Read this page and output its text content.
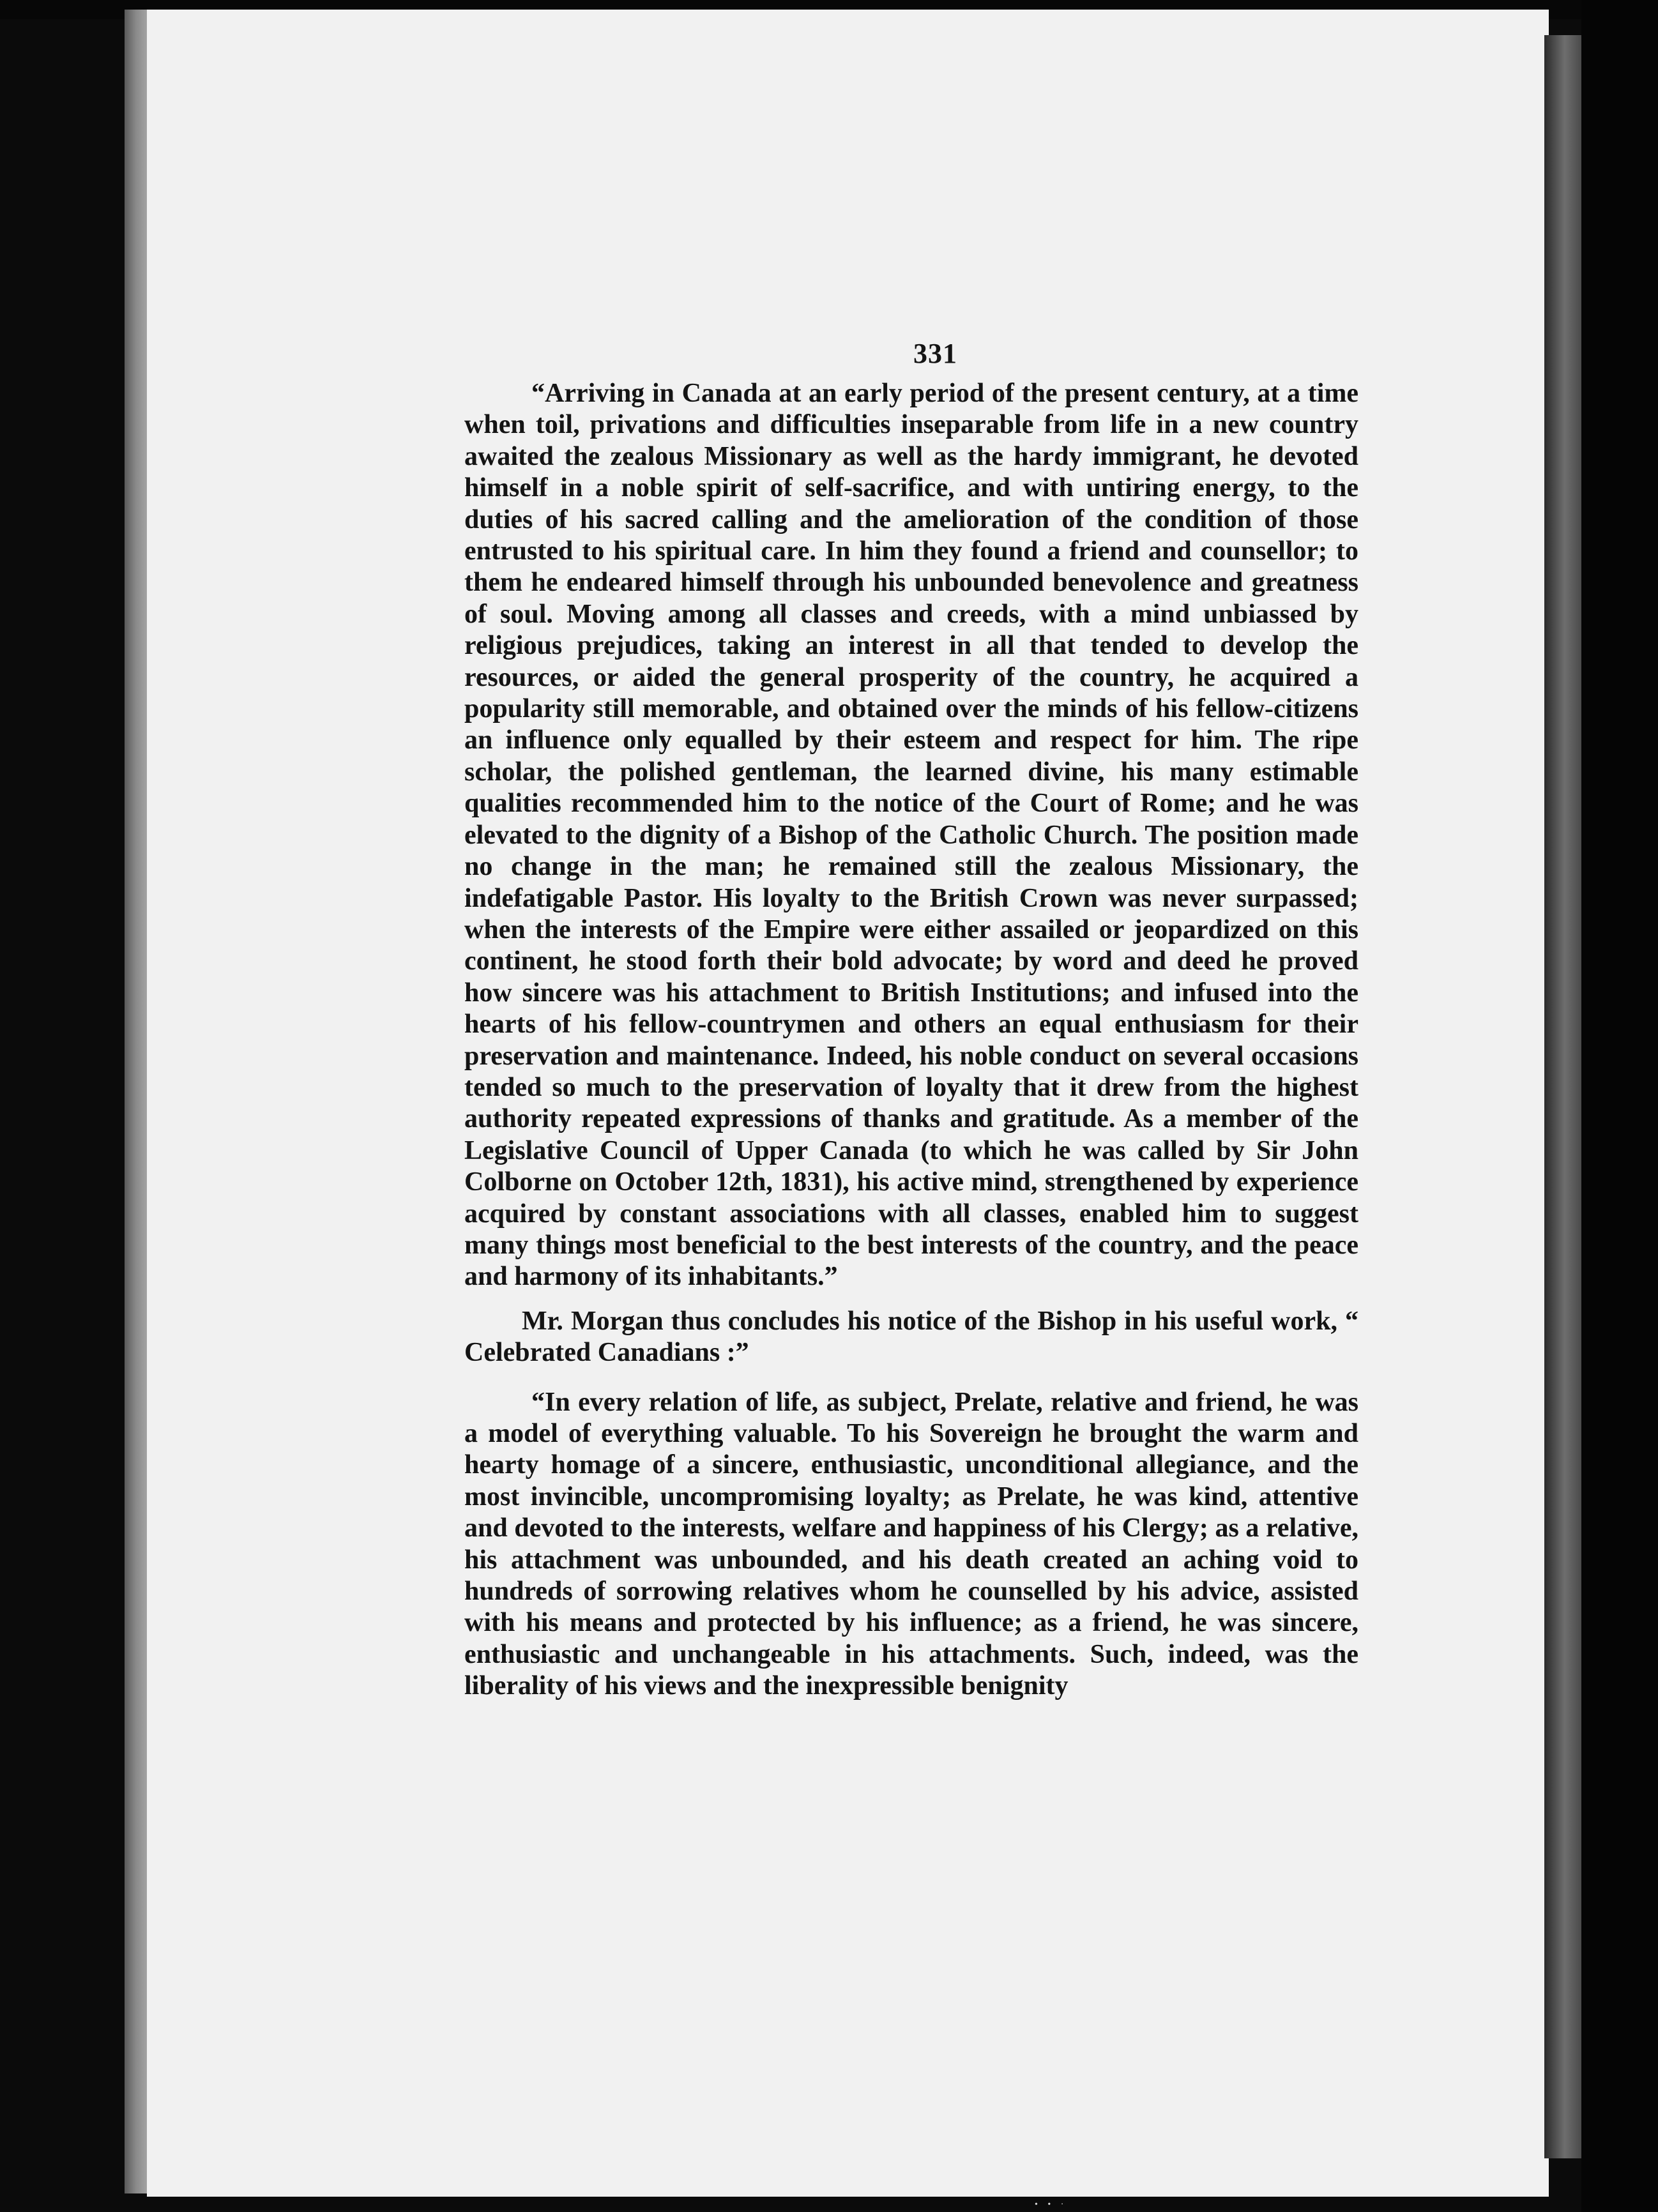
331

“Arriving in Canada at an early period of the present century, at a time when toil, privations and difficulties inseparable from life in a new country awaited the zealous Missionary as well as the hardy immigrant, he devoted himself in a noble spirit of self-sacrifice, and with untiring energy, to the duties of his sacred calling and the amelioration of the condition of those entrusted to his spiritual care. In him they found a friend and counsellor; to them he endeared himself through his unbounded benevolence and greatness of soul. Moving among all classes and creeds, with a mind unbiassed by religious prejudices, taking an interest in all that tended to develop the resources, or aided the general prosperity of the country, he acquired a popularity still memorable, and obtained over the minds of his fellow-citizens an influence only equalled by their esteem and respect for him. The ripe scholar, the polished gentleman, the learned divine, his many estimable qualities recommended him to the notice of the Court of Rome; and he was elevated to the dignity of a Bishop of the Catholic Church. The position made no change in the man; he remained still the zealous Missionary, the indefatigable Pastor. His loyalty to the British Crown was never surpassed; when the interests of the Empire were either assailed or jeopardized on this continent, he stood forth their bold advocate; by word and deed he proved how sincere was his attachment to British Institutions; and infused into the hearts of his fellow-countrymen and others an equal enthusiasm for their preservation and maintenance. Indeed, his noble conduct on several occasions tended so much to the preservation of loyalty that it drew from the highest authority repeated expressions of thanks and gratitude. As a member of the Legislative Council of Upper Canada (to which he was called by Sir John Colborne on October 12th, 1831), his active mind, strengthened by experience acquired by constant associations with all classes, enabled him to suggest many things most beneficial to the best interests of the country, and the peace and harmony of its inhabitants.”

Mr. Morgan thus concludes his notice of the Bishop in his useful work, “ Celebrated Canadians :”

“In every relation of life, as subject, Prelate, relative and friend, he was a model of everything valuable. To his Sovereign he brought the warm and hearty homage of a sincere, enthusiastic, unconditional allegiance, and the most invincible, uncompromising loyalty; as Prelate, he was kind, attentive and devoted to the interests, welfare and happiness of his Clergy; as a relative, his attachment was unbounded, and his death created an aching void to hundreds of sorrowing relatives whom he counselled by his advice, assisted with his means and protected by his influence; as a friend, he was sincere, enthusiastic and unchangeable in his attachments. Such, indeed, was the liberality of his views and the inexpressible benignity

• • ·
